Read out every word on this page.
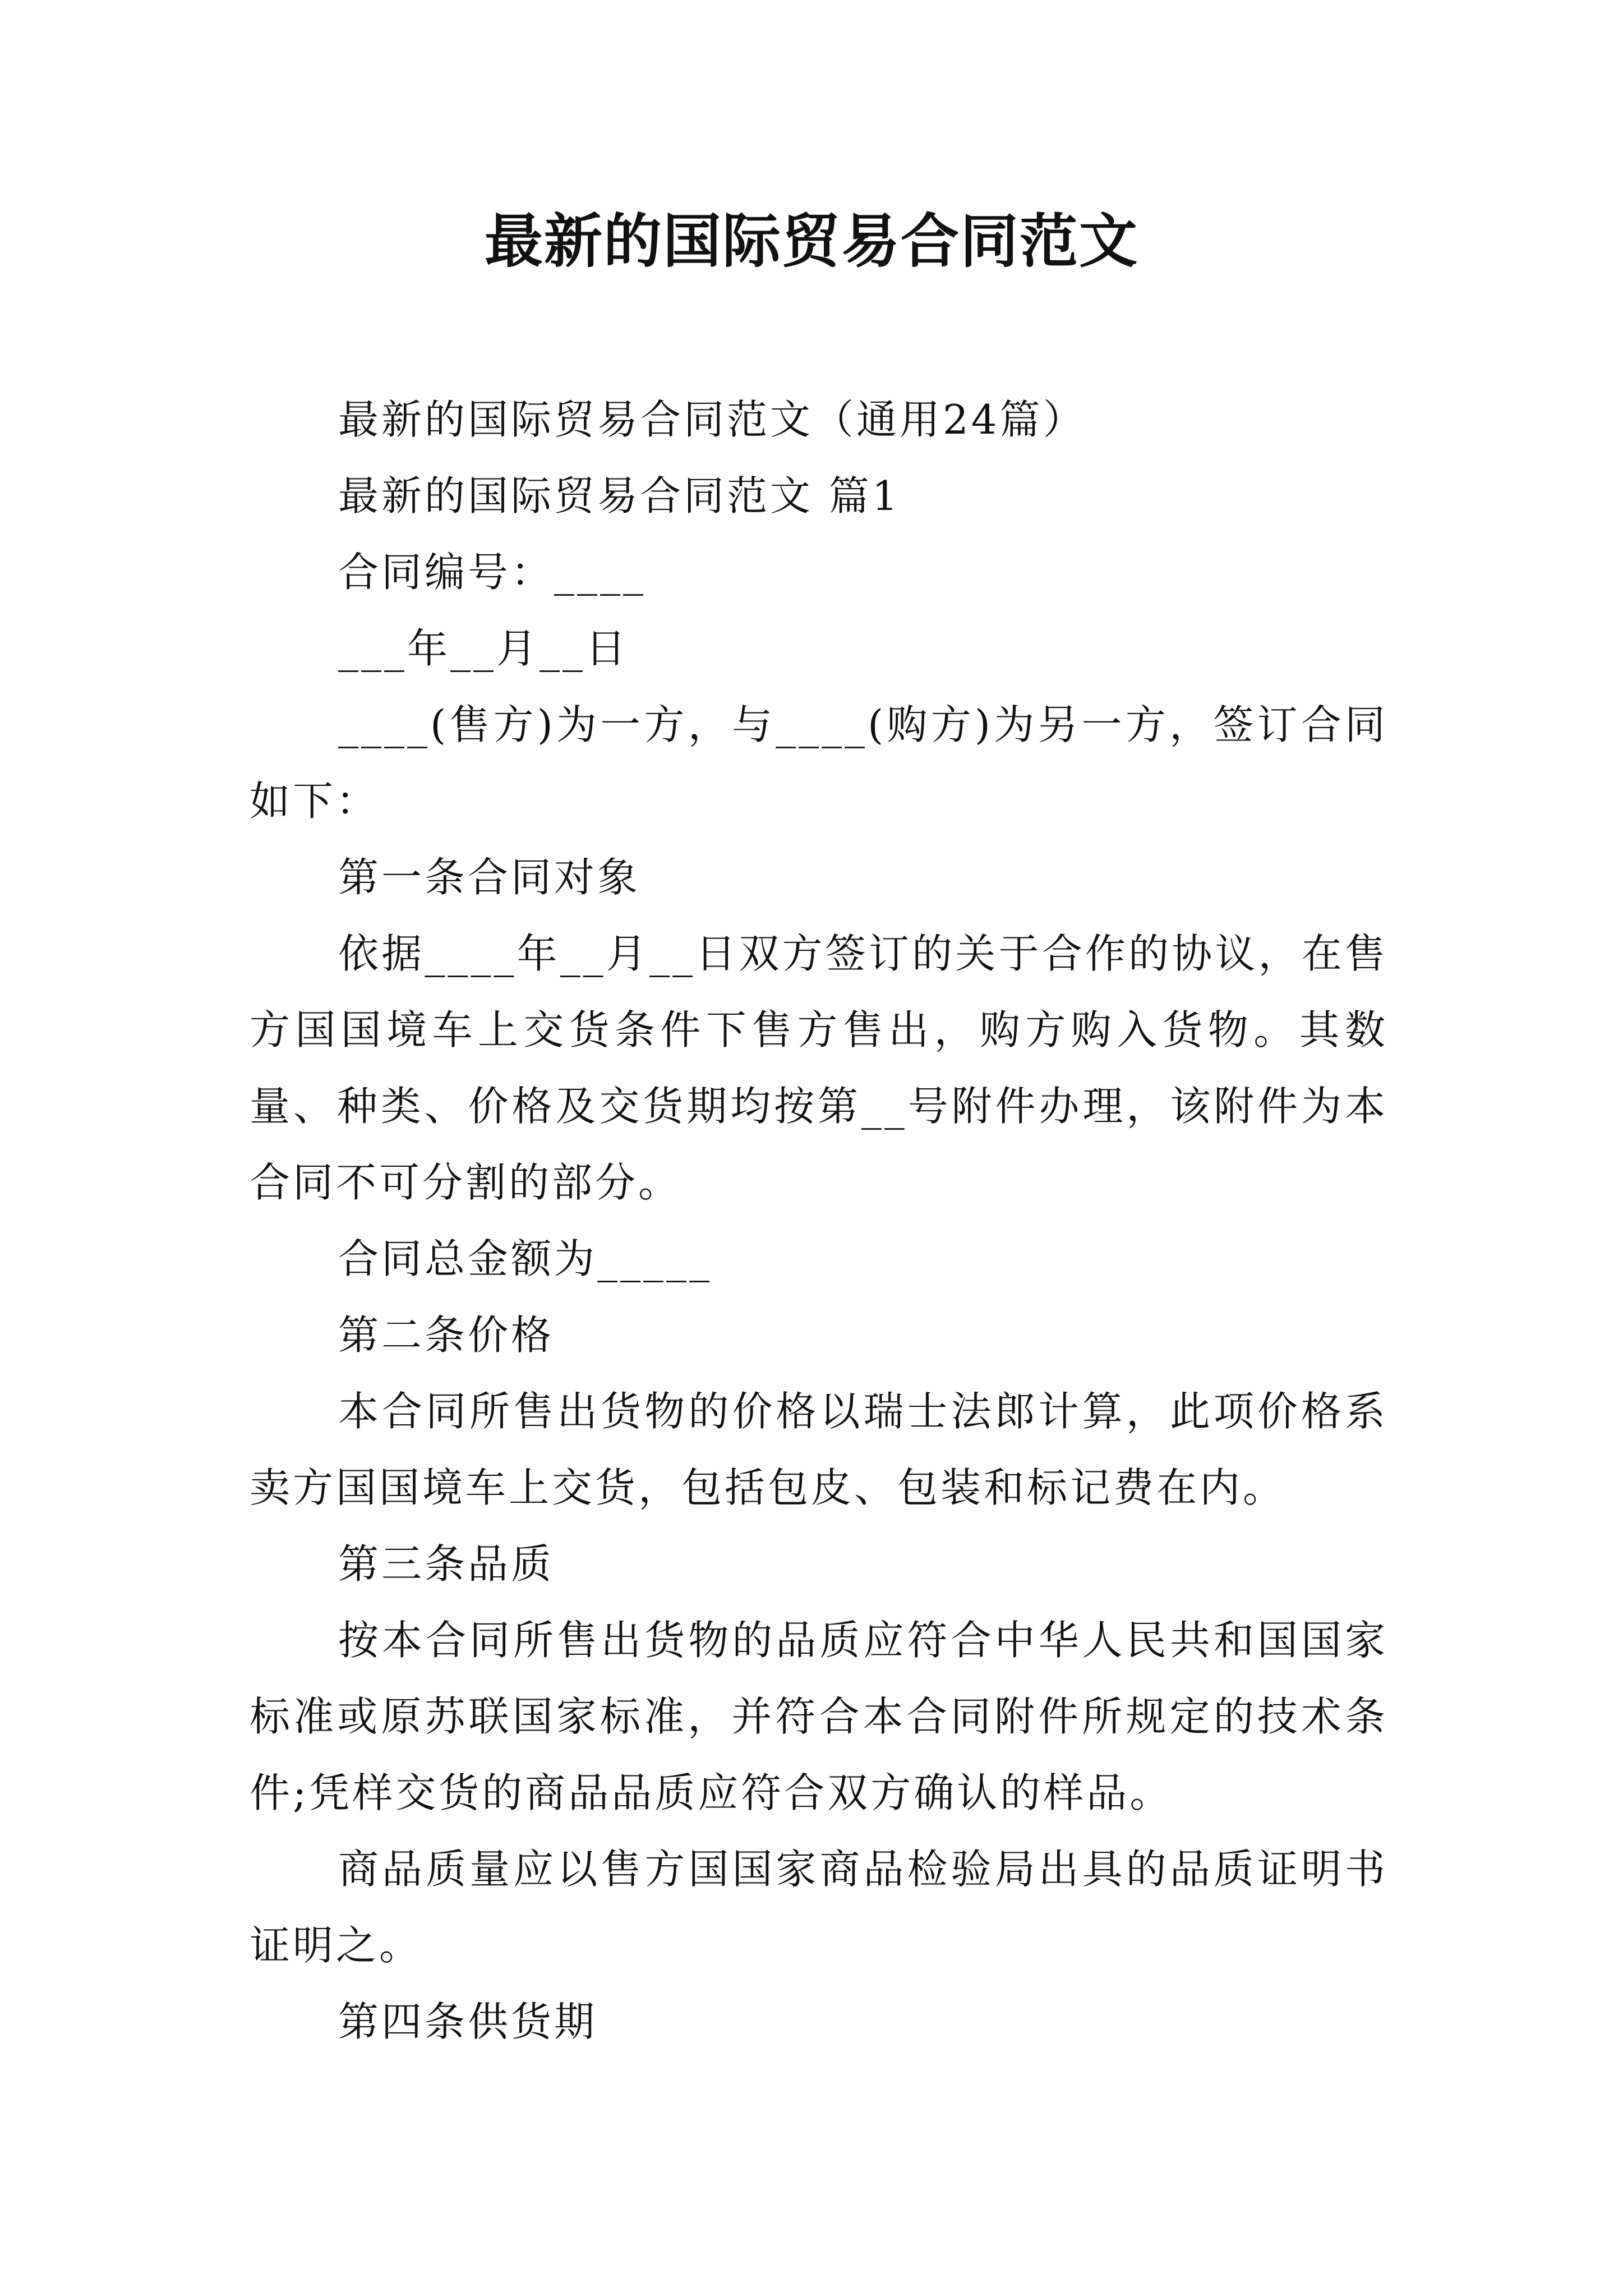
最新的国际贸易合同范文

最新的国际贸易合同范文（通用24篇）

最新的国际贸易合同范文 篇1

合同编号：____

___年__月__日

____(售方)为一方，与____(购方)为另一方，签订合同如下：

第一条合同对象

依据____年__月__日双方签订的关于合作的协议，在售方国国境车上交货条件下售方售出，购方购入货物。其数量、种类、价格及交货期均按第__号附件办理，该附件为本合同不可分割的部分。

合同总金额为_____

第二条价格

本合同所售出货物的价格以瑞士法郎计算，此项价格系卖方国国境车上交货，包括包皮、包装和标记费在内。

第三条品质

按本合同所售出货物的品质应符合中华人民共和国国家标准或原苏联国家标准，并符合本合同附件所规定的技术条件;凭样交货的商品品质应符合双方确认的样品。

商品质量应以售方国国家商品检验局出具的品质证明书证明之。

第四条供货期
